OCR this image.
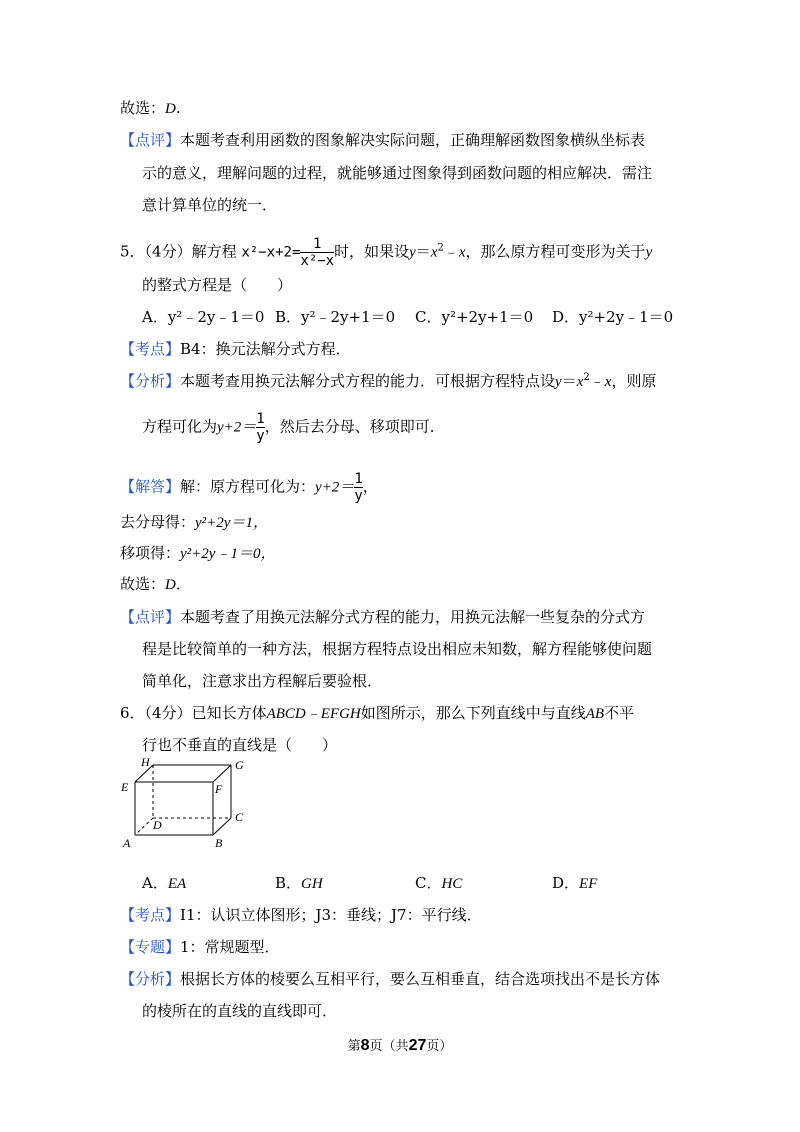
故选：D.
【点评】本题考查利用函数的图象解决实际问题，正确理解函数图象横纵坐标表
示的意义，理解问题的过程，就能够通过图象得到函数问题的相应解决．需注
意计算单位的统一．
5．（4分）解方程 $x^2-x+2= \frac{1}{\text{x²−x}}$ 时，如果设$y=x^2﹣x$，那么原方程可变形为关于y
的整式方程是（　　）
A．y²﹣2y﹣1＝0 B．y²﹣2y+1＝0 C．y²+2y+1＝0 D．y²+2y﹣1＝0
【考点】B4：换元法解分式方程．
【分析】本题考查用换元法解分式方程的能力．可根据方程特点设$y=x^2﹣x$，则原
方程可化为$y+2= \frac{1}{y}$ ，然后去分母、移项即可．
【解答】解：原方程可化为：$y+2= \frac{1}{y}$ ，
去分母得：y²+2y＝1，
移项得：y²+2y﹣1＝0，
故选：D．
【点评】本题考查了用换元法解分式方程的能力，用换元法解一些复杂的分式方
程是比较简单的一种方法，根据方程特点设出相应未知数，解方程能够使问题
简单化，注意求出方程解后要验根．
6．（4分）已知长方体ABCD﹣EFGH如图所示，那么下列直线中与直线AB不平
行也不垂直的直线是（　　）
H	G
E	F
C
D
A	B
A．EA	B．GH	C．HC	D．EF
【考点】I1：认识立体图形；J3：垂线；J7：平行线．
【专题】1：常规题型．
【分析】根据长方体的棱要么互相平行，要么互相垂直，结合选项找出不是长方体
的棱所在的直线的直线即可．
第8页（共27页）
